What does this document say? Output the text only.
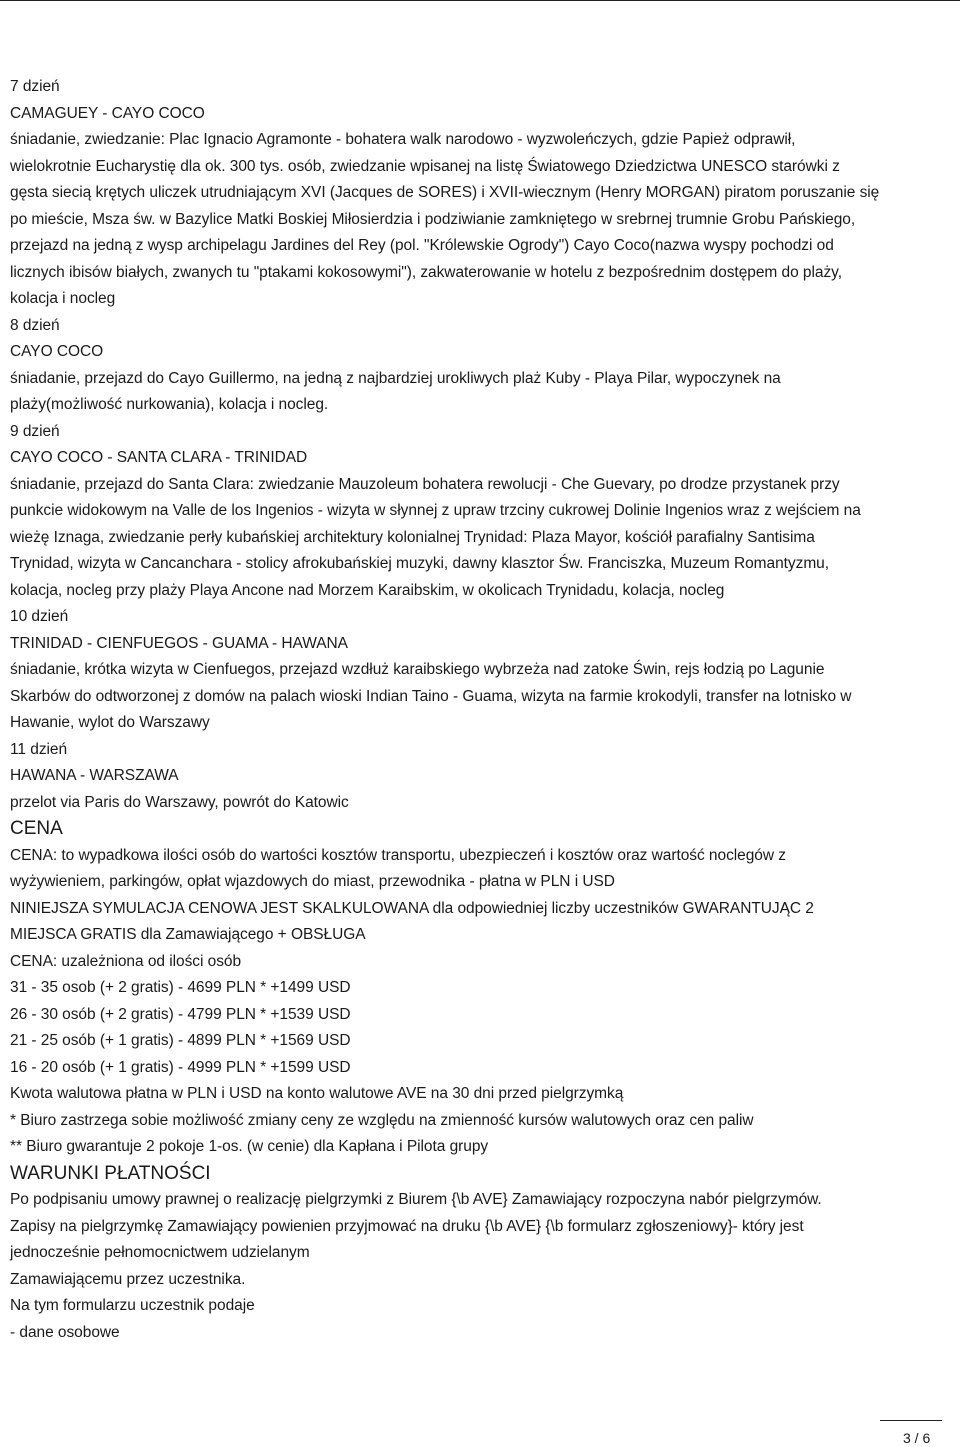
7 dzień
CAMAGUEY - CAYO COCO
śniadanie, zwiedzanie: Plac Ignacio Agramonte - bohatera walk narodowo - wyzwoleńczych, gdzie Papież odprawił,
wielokrotnie Eucharystię dla ok. 300 tys. osób, zwiedzanie wpisanej na listę Światowego Dziedzictwa UNESCO starówki z
gęsta siecią krętych uliczek utrudniającym XVI (Jacques de SORES) i XVII-wiecznym (Henry MORGAN) piratom poruszanie się
po mieście, Msza św. w Bazylice Matki Boskiej Miłosierdzia i podziwianie zamkniętego w srebrnej trumnie Grobu Pańskiego,
przejazd na jedną z wysp archipelagu Jardines del Rey (pol. "Królewskie Ogrody") Cayo Coco(nazwa wyspy pochodzi od
licznych ibisów białych, zwanych tu "ptakami kokosowymi"), zakwaterowanie w hotelu z bezpośrednim dostępem do plaży,
kolacja i nocleg
8 dzień
CAYO COCO
śniadanie, przejazd do Cayo Guillermo, na jedną z najbardziej urokliwych plaż Kuby - Playa Pilar, wypoczynek na
plaży(możliwość nurkowania), kolacja i nocleg.
9 dzień
CAYO COCO - SANTA CLARA - TRINIDAD
śniadanie, przejazd do Santa Clara: zwiedzanie Mauzoleum bohatera rewolucji - Che Guevary, po drodze przystanek przy
punkcie widokowym na Valle de los Ingenios - wizyta w słynnej z upraw trzciny cukrowej Dolinie Ingenios wraz z wejściem na
wieżę Iznaga, zwiedzanie perły kubańskiej architektury kolonialnej Trynidad: Plaza Mayor, kościół parafialny Santisima
Trynidad, wizyta w Cancanchara - stolicy afrokubańskiej muzyki, dawny klasztor Św. Franciszka, Muzeum Romantyzmu,
kolacja, nocleg przy plaży Playa Ancone nad Morzem Karaibskim, w okolicach Trynidadu, kolacja, nocleg
10 dzień
TRINIDAD - CIENFUEGOS - GUAMA - HAWANA
śniadanie, krótka wizyta w Cienfuegos, przejazd wzdłuż karaibskiego wybrzeża nad zatoke Świn, rejs łodzią po Lagunie
Skarbów do odtworzonej z domów na palach wioski Indian Taino - Guama, wizyta na farmie krokodyli, transfer na lotnisko w
Hawanie, wylot do Warszawy
11 dzień
HAWANA - WARSZAWA
przelot via Paris do Warszawy, powrót do Katowic
CENA
CENA: to wypadkowa ilości osób do wartości kosztów transportu, ubezpieczeń i kosztów oraz wartość noclegów z
wyżywieniem, parkingów, opłat wjazdowych do miast, przewodnika - płatna w PLN i USD
NINIEJSZA SYMULACJA CENOWA JEST SKALKULOWANA dla odpowiedniej liczby uczestników GWARANTUJĄC 2
MIEJSCA GRATIS dla Zamawiającego + OBSŁUGA
CENA: uzależniona od ilości osób
31 - 35 osob (+ 2 gratis) - 4699 PLN * +1499 USD
26 - 30 osób (+ 2 gratis) - 4799 PLN * +1539 USD
21 - 25 osób (+ 1 gratis) - 4899 PLN * +1569 USD
16 - 20 osób (+ 1 gratis) - 4999 PLN * +1599 USD
Kwota walutowa płatna w PLN i USD na konto walutowe AVE na 30 dni przed pielgrzymką
* Biuro zastrzega sobie możliwość zmiany ceny ze względu na zmienność kursów walutowych oraz cen paliw
** Biuro gwarantuje 2 pokoje 1-os. (w cenie) dla Kapłana i Pilota grupy
WARUNKI PŁATNOŚCI
Po podpisaniu umowy prawnej o realizację pielgrzymki z Biurem {\b AVE} Zamawiający rozpoczyna nabór pielgrzymów.
Zapisy na pielgrzymkę Zamawiający powienien przyjmować na druku {\b AVE} {\b formularz zgłoszeniowy}- który jest
jednocześnie pełnomocnictwem udzielanym
Zamawiającemu przez uczestnika.
Na tym formularzu uczestnik podaje
- dane osobowe
3 / 6
